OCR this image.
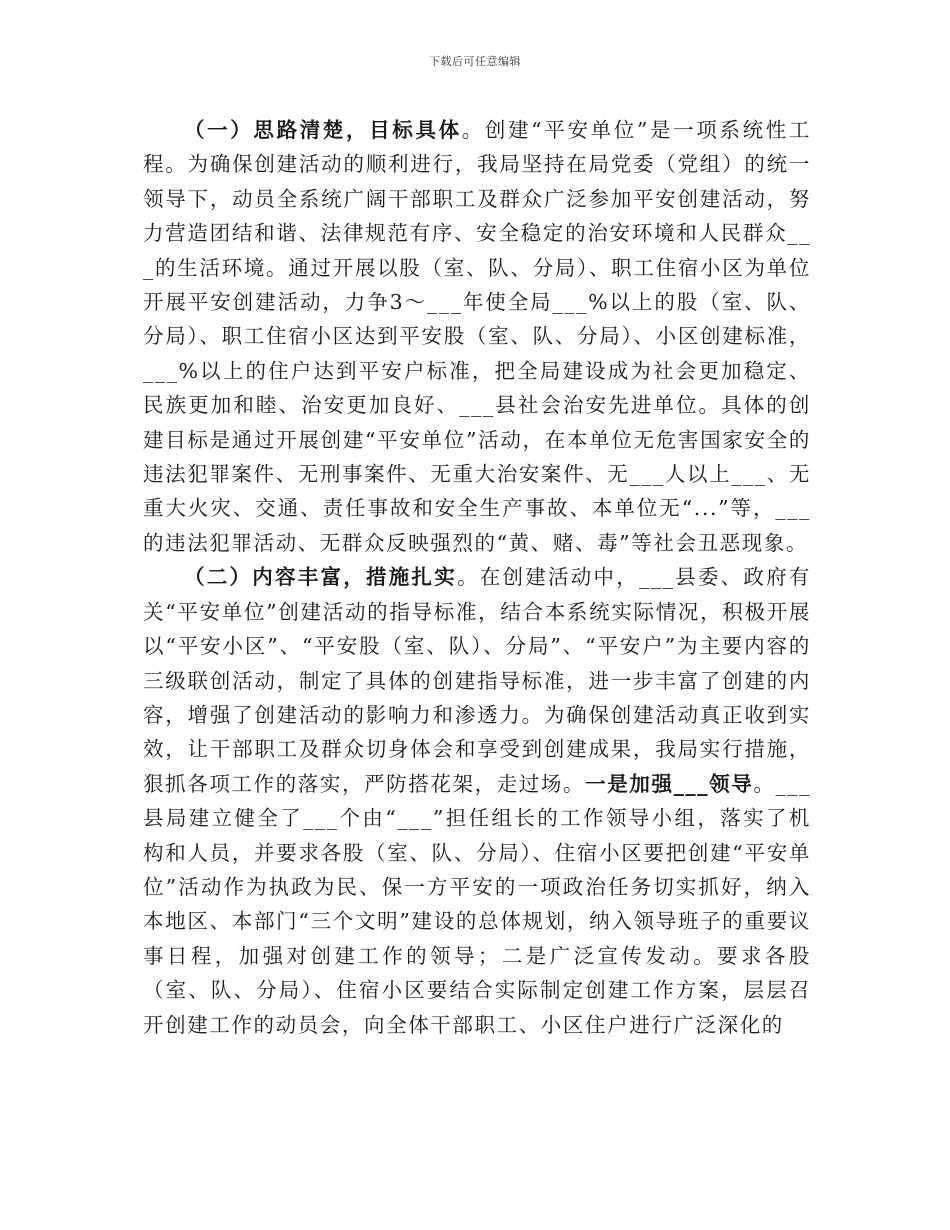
下载后可任意编辑

（一）思路清楚，目标具体。创建“平安单位”是一项系统性工程。为确保创建活动的顺利进行，我局坚持在局党委（党组）的统一领导下，动员全系统广阔干部职工及群众广泛参加平安创建活动，努力营造团结和谐、法律规范有序、安全稳定的治安环境和人民群众___的生活环境。通过开展以股（室、队、分局）、职工住宿小区为单位开展平安创建活动，力争3～___年使全局___%以上的股（室、队、分局）、职工住宿小区达到平安股（室、队、分局）、小区创建标准，___%以上的住户达到平安户标准，把全局建设成为社会更加稳定、民族更加和睦、治安更加良好、___县社会治安先进单位。具体的创建目标是通过开展创建“平安单位”活动，在本单位无危害国家安全的违法犯罪案件、无刑事案件、无重大治安案件、无___人以上___、无重大火灾、交通、责任事故和安全生产事故、本单位无“...”等，___的违法犯罪活动、无群众反映强烈的“黄、赌、毒”等社会丑恶现象。

（二）内容丰富，措施扎实。在创建活动中，___县委、政府有关“平安单位”创建活动的指导标准，结合本系统实际情况，积极开展以“平安小区”、“平安股（室、队）、分局”、“平安户”为主要内容的三级联创活动，制定了具体的创建指导标准，进一步丰富了创建的内容，增强了创建活动的影响力和渗透力。为确保创建活动真正收到实效，让干部职工及群众切身体会和享受到创建成果，我局实行措施，狠抓各项工作的落实，严防搭花架，走过场。一是加强___领导。___县局建立健全了___个由“___”担任组长的工作领导小组，落实了机构和人员，并要求各股（室、队、分局）、住宿小区要把创建“平安单位”活动作为执政为民、保一方平安的一项政治任务切实抓好，纳入本地区、本部门“三个文明”建设的总体规划，纳入领导班子的重要议事日程，加强对创建工作的领导；二是广泛宣传发动。要求各股（室、队、分局）、住宿小区要结合实际制定创建工作方案，层层召开创建工作的动员会，向全体干部职工、小区住户进行广泛深化的
